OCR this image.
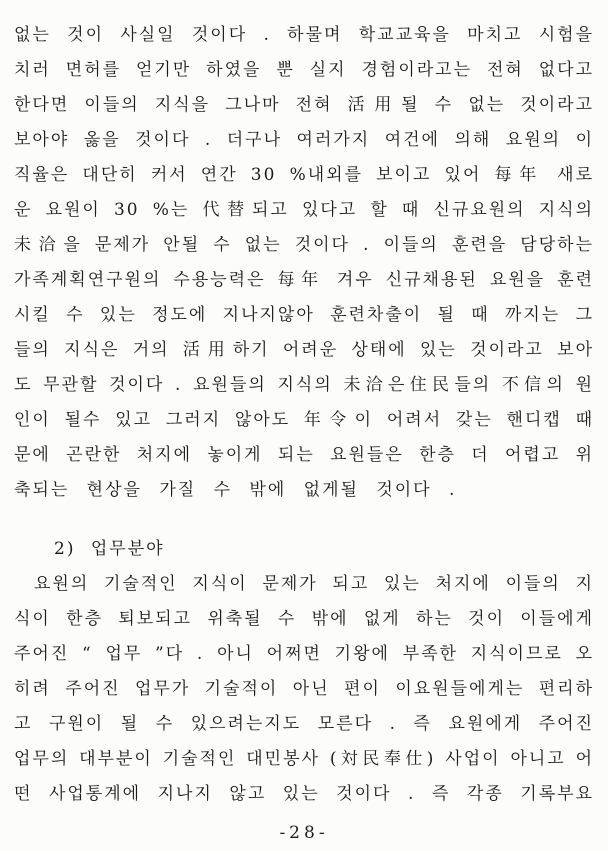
없는 것이 사실일 것이다 . 하물며 학교교육을 마치고 시험을
치러 면허를 얻기만 하였을 뿐 실지 경험이라고는 전혀 없다고
한다면 이들의 지식을 그나마 전혀 活用될 수 없는 것이라고
보아야 옳을 것이다 . 더구나 여러가지 여건에 의해 요원의 이
직율은 대단히 커서 연간 30 %내외를 보이고 있어 每年 새로
운 요원이 30 %는 代替되고 있다고 할 때 신규요원의 지식의
未洽을 문제가 안될 수 없는 것이다 . 이들의 훈련을 담당하는
가족계획연구원의 수용능력은 每年 겨우 신규채용된 요원을 훈련
시킬 수 있는 정도에 지나지않아 훈련차출이 될 때 까지는 그
들의 지식은 거의 活用하기 어려운 상태에 있는 것이라고 보아
도 무관할 것이다 . 요원들의 지식의 未洽은住民들의 不信의 원
인이 될수 있고 그러지 않아도 年令이 어려서 갖는 핸디캡 때
문에 곤란한 처지에 놓이게 되는 요원들은 한층 더 어렵고 위
축되는 현상을 가질 수 밖에 없게될 것이다 .
2) 업무분야
요원의 기술적인 지식이 문제가 되고 있는 처지에 이들의 지
식이 한층 퇴보되고 위축될 수 밖에 없게 하는 것이 이들에게
주어진 “ 업무 ”다 . 아니 어쩌면 기왕에 부족한 지식이므로 오
히려 주어진 업무가 기술적이 아닌 편이 이요원들에게는 편리하
고 구원이 될 수 있으려는지도 모른다 . 즉 요원에게 주어진
업무의 대부분이 기술적인 대민봉사 (対民奉仕) 사업이 아니고 어
떤 사업통계에 지나지 않고 있는 것이다 . 즉 각종 기록부요
-28-
